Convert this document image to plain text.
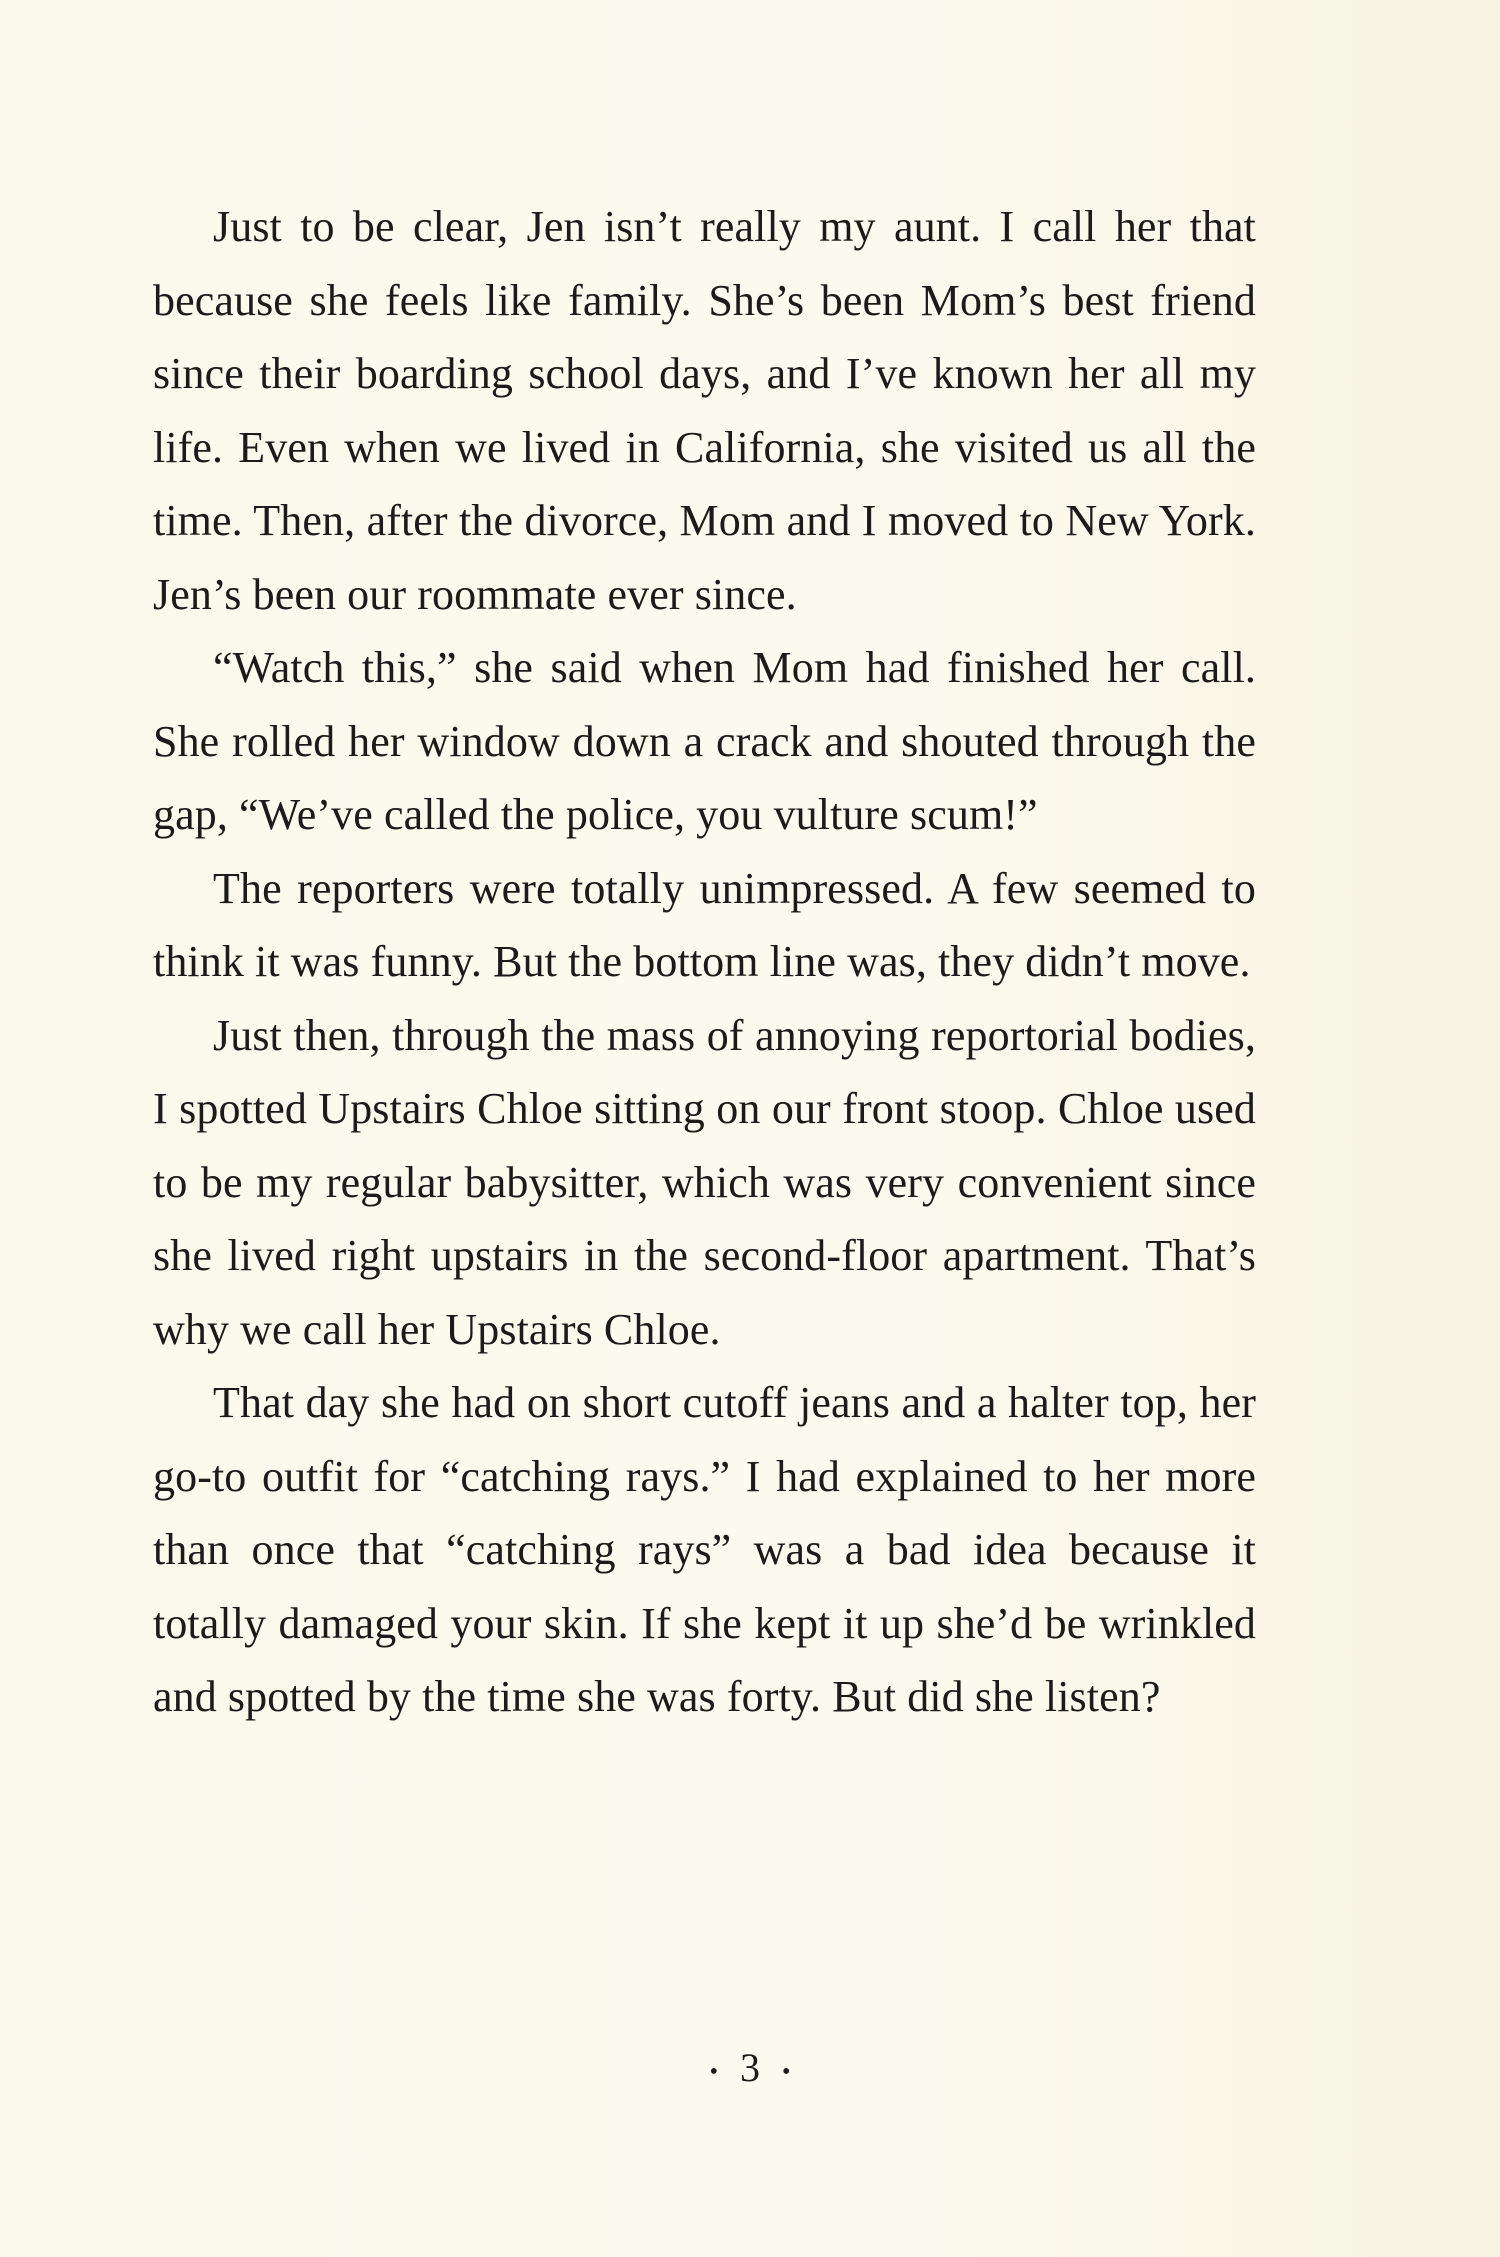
Just to be clear, Jen isn’t really my aunt. I call her that because she feels like family. She’s been Mom’s best friend since their boarding school days, and I’ve known her all my life. Even when we lived in California, she visited us all the time. Then, after the divorce, Mom and I moved to New York. Jen’s been our roommate ever since.

“Watch this,” she said when Mom had finished her call. She rolled her window down a crack and shouted through the gap, “We’ve called the police, you vulture scum!”

The reporters were totally unimpressed. A few seemed to think it was funny. But the bottom line was, they didn’t move.

Just then, through the mass of annoying reportorial bodies, I spotted Upstairs Chloe sitting on our front stoop. Chloe used to be my regular babysitter, which was very convenient since she lived right upstairs in the second-floor apartment. That’s why we call her Upstairs Chloe.

That day she had on short cutoff jeans and a halter top, her go-to outfit for “catching rays.” I had explained to her more than once that “catching rays” was a bad idea because it totally damaged your skin. If she kept it up she’d be wrinkled and spotted by the time she was forty. But did she listen?

• 3 •
